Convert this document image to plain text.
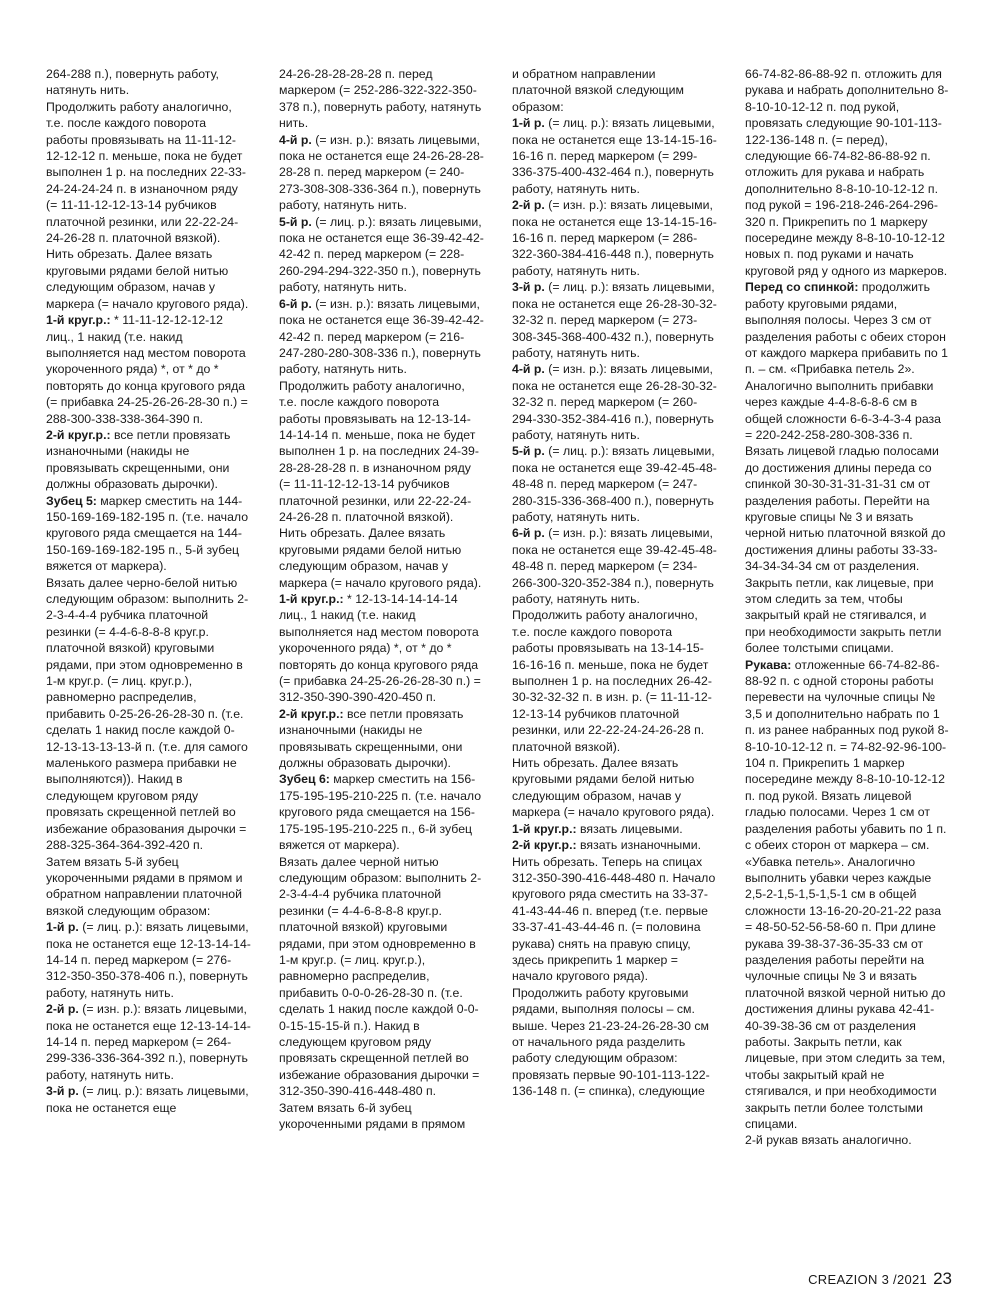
264-288 п.), повернуть работу, натянуть нить.

Продолжить работу аналогично, т.е. после каждого поворота работы провязывать на 11-11-12-12-12-12 п. меньше, пока не будет выполнен 1 р. на последних 22-33-24-24-24-24 п. в изнаночном ряду (= 11-11-12-12-13-14 рубчиков платочной резинки, или 22-22-24-24-26-28 п. платочной вязкой).

Нить обрезать. Далее вязать круговыми рядами белой нитью следующим образом, начав у маркера (= начало кругового ряда).

1-й круг.р.: * 11-11-12-12-12-12 лиц., 1 накид (т.е. накид выполняется над местом поворота укороченного ряда) *, от * до * повторять до конца кругового ряда (= прибавка 24-25-26-26-28-30 п.) = 288-300-338-338-364-390 п.

2-й круг.р.: все петли провязать изнаночными (накиды не провязывать скрещенными, они должны образовать дырочки).

Зубец 5: маркер сместить на 144-150-169-169-182-195 п. (т.е. начало кругового ряда смещается на 144-150-169-169-182-195 п., 5-й зубец вяжется от маркера).

Вязать далее черно-белой нитью следующим образом: выполнить 2-2-3-4-4-4 рубчика платочной резинки (= 4-4-6-8-8-8 круг.р. платочной вязкой) круговыми рядами, при этом одновременно в 1-м круг.р. (= лиц. круг.р.), равномерно распределив, прибавить 0-25-26-26-28-30 п. (т.е. сделать 1 накид после каждой 0-12-13-13-13-13-й п. (т.е. для самого маленького размера прибавки не выполняются)). Накид в следующем круговом ряду провязать скрещенной петлей во избежание образования дырочки = 288-325-364-364-392-420 п.

Затем вязать 5-й зубец укороченными рядами в прямом и обратном направлении платочной вязкой следующим образом:

1-й р. (= лиц. р.): вязать лицевыми, пока не останется еще 12-13-14-14-14-14 п. перед маркером (= 276-312-350-350-378-406 п.), повернуть работу, натянуть нить.

2-й р. (= изн. р.): вязать лицевыми, пока не останется еще 12-13-14-14-14-14 п. перед маркером (= 264-299-336-336-364-392 п.), повернуть работу, натянуть нить.

3-й р. (= лиц. р.): вязать лицевыми, пока не останется еще

24-26-28-28-28-28 п. перед маркером (= 252-286-322-322-350-378 п.), повернуть работу, натянуть нить.

4-й р. (= изн. р.): вязать лицевыми, пока не останется еще 24-26-28-28-28-28 п. перед маркером (= 240-273-308-308-336-364 п.), повернуть работу, натянуть нить.

5-й р. (= лиц. р.): вязать лицевыми, пока не останется еще 36-39-42-42-42-42 п. перед маркером (= 228-260-294-294-322-350 п.), повернуть работу, натянуть нить.

6-й р. (= изн. р.): вязать лицевыми, пока не останется еще 36-39-42-42-42-42 п. перед маркером (= 216-247-280-280-308-336 п.), повернуть работу, натянуть нить.

Продолжить работу аналогично, т.е. после каждого поворота работы провязывать на 12-13-14-14-14-14 п. меньше, пока не будет выполнен 1 р. на последних 24-39-28-28-28-28 п. в изнаночном ряду (= 11-11-12-12-13-14 рубчиков платочной резинки, или 22-22-24-24-26-28 п. платочной вязкой).

Нить обрезать. Далее вязать круговыми рядами белой нитью следующим образом, начав у маркера (= начало кругового ряда).

1-й круг.р.: * 12-13-14-14-14-14 лиц., 1 накид (т.е. накид выполняется над местом поворота укороченного ряда) *, от * до * повторять до конца кругового ряда (= прибавка 24-25-26-26-28-30 п.) = 312-350-390-390-420-450 п.

2-й круг.р.: все петли провязать изнаночными (накиды не провязывать скрещенными, они должны образовать дырочки).

Зубец 6: маркер сместить на 156-175-195-195-210-225 п. (т.е. начало кругового ряда смещается на 156-175-195-195-210-225 п., 6-й зубец вяжется от маркера).

Вязать далее черной нитью следующим образом: выполнить 2-2-3-4-4-4 рубчика платочной резинки (= 4-4-6-8-8-8 круг.р. платочной вязкой) круговыми рядами, при этом одновременно в 1-м круг.р. (= лиц. круг.р.), равномерно распределив, прибавить 0-0-0-26-28-30 п. (т.е. сделать 1 накид после каждой 0-0-0-15-15-15-й п.). Накид в следующем круговом ряду провязать скрещенной петлей во избежание образования дырочки = 312-350-390-416-448-480 п.

Затем вязать 6-й зубец укороченными рядами в прямом

и обратном направлении платочной вязкой следующим образом:

1-й р. (= лиц. р.): вязать лицевыми, пока не останется еще 13-14-15-16-16-16 п. перед маркером (= 299-336-375-400-432-464 п.), повернуть работу, натянуть нить.

2-й р. (= изн. р.): вязать лицевыми, пока не останется еще 13-14-15-16-16-16 п. перед маркером (= 286-322-360-384-416-448 п.), повернуть работу, натянуть нить.

3-й р. (= лиц. р.): вязать лицевыми, пока не останется еще 26-28-30-32-32-32 п. перед маркером (= 273-308-345-368-400-432 п.), повернуть работу, натянуть нить.

4-й р. (= изн. р.): вязать лицевыми, пока не останется еще 26-28-30-32-32-32 п. перед маркером (= 260-294-330-352-384-416 п.), повернуть работу, натянуть нить.

5-й р. (= лиц. р.): вязать лицевыми, пока не останется еще 39-42-45-48-48-48 п. перед маркером (= 247-280-315-336-368-400 п.), повернуть работу, натянуть нить.

6-й р. (= изн. р.): вязать лицевыми, пока не останется еще 39-42-45-48-48-48 п. перед маркером (= 234-266-300-320-352-384 п.), повернуть работу, натянуть нить.

Продолжить работу аналогично, т.е. после каждого поворота работы провязывать на 13-14-15-16-16-16 п. меньше, пока не будет выполнен 1 р. на последних 26-42-30-32-32-32 п. в изн. р. (= 11-11-12-12-13-14 рубчиков платочной резинки, или 22-22-24-24-26-28 п. платочной вязкой).

Нить обрезать. Далее вязать круговыми рядами белой нитью следующим образом, начав у маркера (= начало кругового ряда).

1-й круг.р.: вязать лицевыми.

2-й круг.р.: вязать изнаночными.

Нить обрезать. Теперь на спицах 312-350-390-416-448-480 п. Начало кругового ряда сместить на 33-37-41-43-44-46 п. вперед (т.е. первые 33-37-41-43-44-46 п. (= половина рукава) снять на правую спицу, здесь прикрепить 1 маркер = начало кругового ряда).

Продолжить работу круговыми рядами, выполняя полосы – см. выше. Через 21-23-24-26-28-30 см от начального ряда разделить работу следующим образом: провязать первые 90-101-113-122-136-148 п. (= спинка), следующие

66-74-82-86-88-92 п. отложить для рукава и набрать дополнительно 8-8-10-10-12-12 п. под рукой, провязать следующие 90-101-113-122-136-148 п. (= перед), следующие 66-74-82-86-88-92 п. отложить для рукава и набрать дополнительно 8-8-10-10-12-12 п. под рукой = 196-218-246-264-296-320 п. Прикрепить по 1 маркеру посередине между 8-8-10-10-12-12 новых п. под руками и начать круговой ряд у одного из маркеров.

Перед со спинкой: продолжить работу круговыми рядами, выполняя полосы. Через 3 см от разделения работы с обеих сторон от каждого маркера прибавить по 1 п. – см. «Прибавка петель 2». Аналогично выполнить прибавки через каждые 4-4-8-6-8-6 см в общей сложности 6-6-3-4-3-4 раза = 220-242-258-280-308-336 п. Вязать лицевой гладью полосами до достижения длины переда со спинкой 30-30-31-31-31-31 см от разделения работы. Перейти на круговые спицы № 3 и вязать черной нитью платочной вязкой до достижения длины работы 33-33-34-34-34-34 см от разделения. Закрыть петли, как лицевые, при этом следить за тем, чтобы закрытый край не стягивался, и при необходимости закрыть петли более толстыми спицами.

Рукава: отложенные 66-74-82-86-88-92 п. с одной стороны работы перевести на чулочные спицы № 3,5 и дополнительно набрать по 1 п. из ранее набранных под рукой 8-8-10-10-12-12 п. = 74-82-92-96-100-104 п. Прикрепить 1 маркер посередине между 8-8-10-10-12-12 п. под рукой. Вязать лицевой гладью полосами. Через 1 см от разделения работы убавить по 1 п. с обеих сторон от маркера – см. «Убавка петель». Аналогично выполнить убавки через каждые 2,5-2-1,5-1,5-1,5-1 см в общей сложности 13-16-20-20-21-22 раза = 48-50-52-56-58-60 п. При длине рукава 39-38-37-36-35-33 см от разделения работы перейти на чулочные спицы № 3 и вязать платочной вязкой черной нитью до достижения длины рукава 42-41-40-39-38-36 см от разделения работы. Закрыть петли, как лицевые, при этом следить за тем, чтобы закрытый край не стягивался, и при необходимости закрыть петли более толстыми спицами.

2-й рукав вязать аналогично.

CREAZION 3 /2021 23
